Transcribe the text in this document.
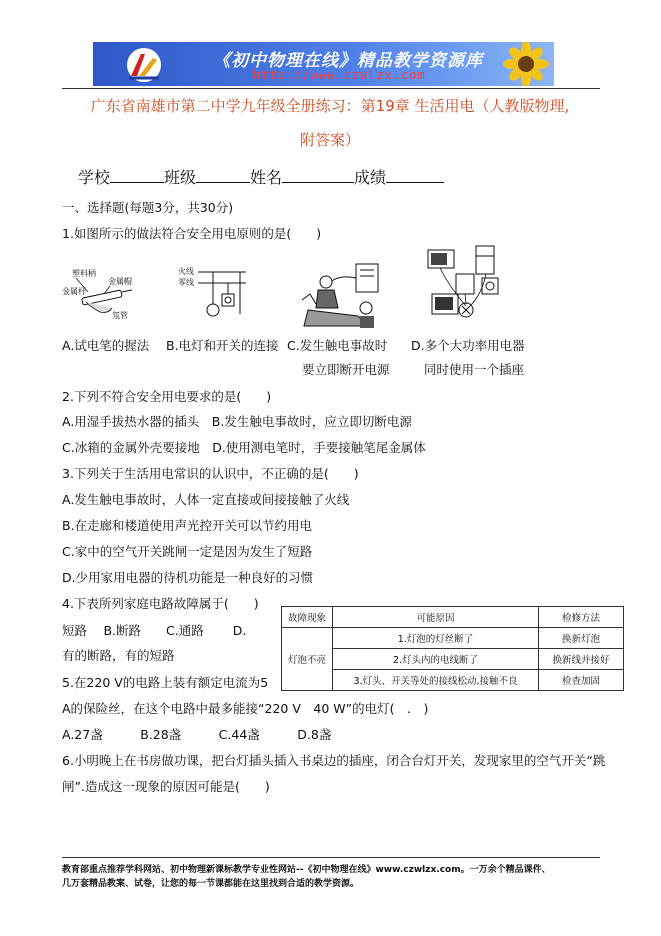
《初中物理在线》精品教学资源库
http://www.czwlzx.com
广东省南雄市第二中学九年级全册练习：第19章 生活用电（人教版物理,
附答案）
学校	班级	姓名	成绩
一、选择题(每题3分，共30分)
1.如图所示的做法符合安全用电原则的是(　　)
塑料柄
金属帽
金属杆
氖管
火线
零线
A.试电笔的握法 B.电灯和开关的连接 C.发生触电事故时 D.多个大功率用电器
要立即断开电源	同时使用一个插座
2.下列不符合安全用电要求的是(　　)
A.用湿手拔热水器的插头　B.发生触电事故时，应立即切断电源
C.冰箱的金属外壳要接地　D.使用测电笔时，手要接触笔尾金属体
3.下列关于生活用电常识的认识中，不正确的是(　　)
A.发生触电事故时，人体一定直接或间接接触了火线
B.在走廊和楼道使用声光控开关可以节约用电
C.家中的空气开关跳闸一定是因为发生了短路
D.少用家用电器的待机功能是一种良好的习惯
4.下表所列家庭电路故障属于(　　)
短路　 B.断路　　C.通路　　 D.
有的断路，有的短路
故障现象	可能原因	检修方法
灯泡不亮	1.灯泡的灯丝断了	换新灯泡
	2.灯头内的电线断了	换新线并接好
	3.灯头、开关等处的接线松动,接触不良	检查加固
5.在220 V的电路上装有额定电流为5
A的保险丝，在这个电路中最多能接“220 V　40 W”的电灯(　.　)
A.27盏　　　B.28盏　　　C.44盏　　　D.8盏
6.小明晚上在书房做功课，把台灯插头插入书桌边的插座，闭合台灯开关，发现家里的空气开关“跳
闸”.造成这一现象的原因可能是(　　)
教育部重点推荐学科网站、初中物理新课标教学专业性网站--《初中物理在线》www.czwlzx.com。一万余个精品课件、
几万套精品教案、试卷，让您的每一节课都能在这里找到合适的教学资源。
